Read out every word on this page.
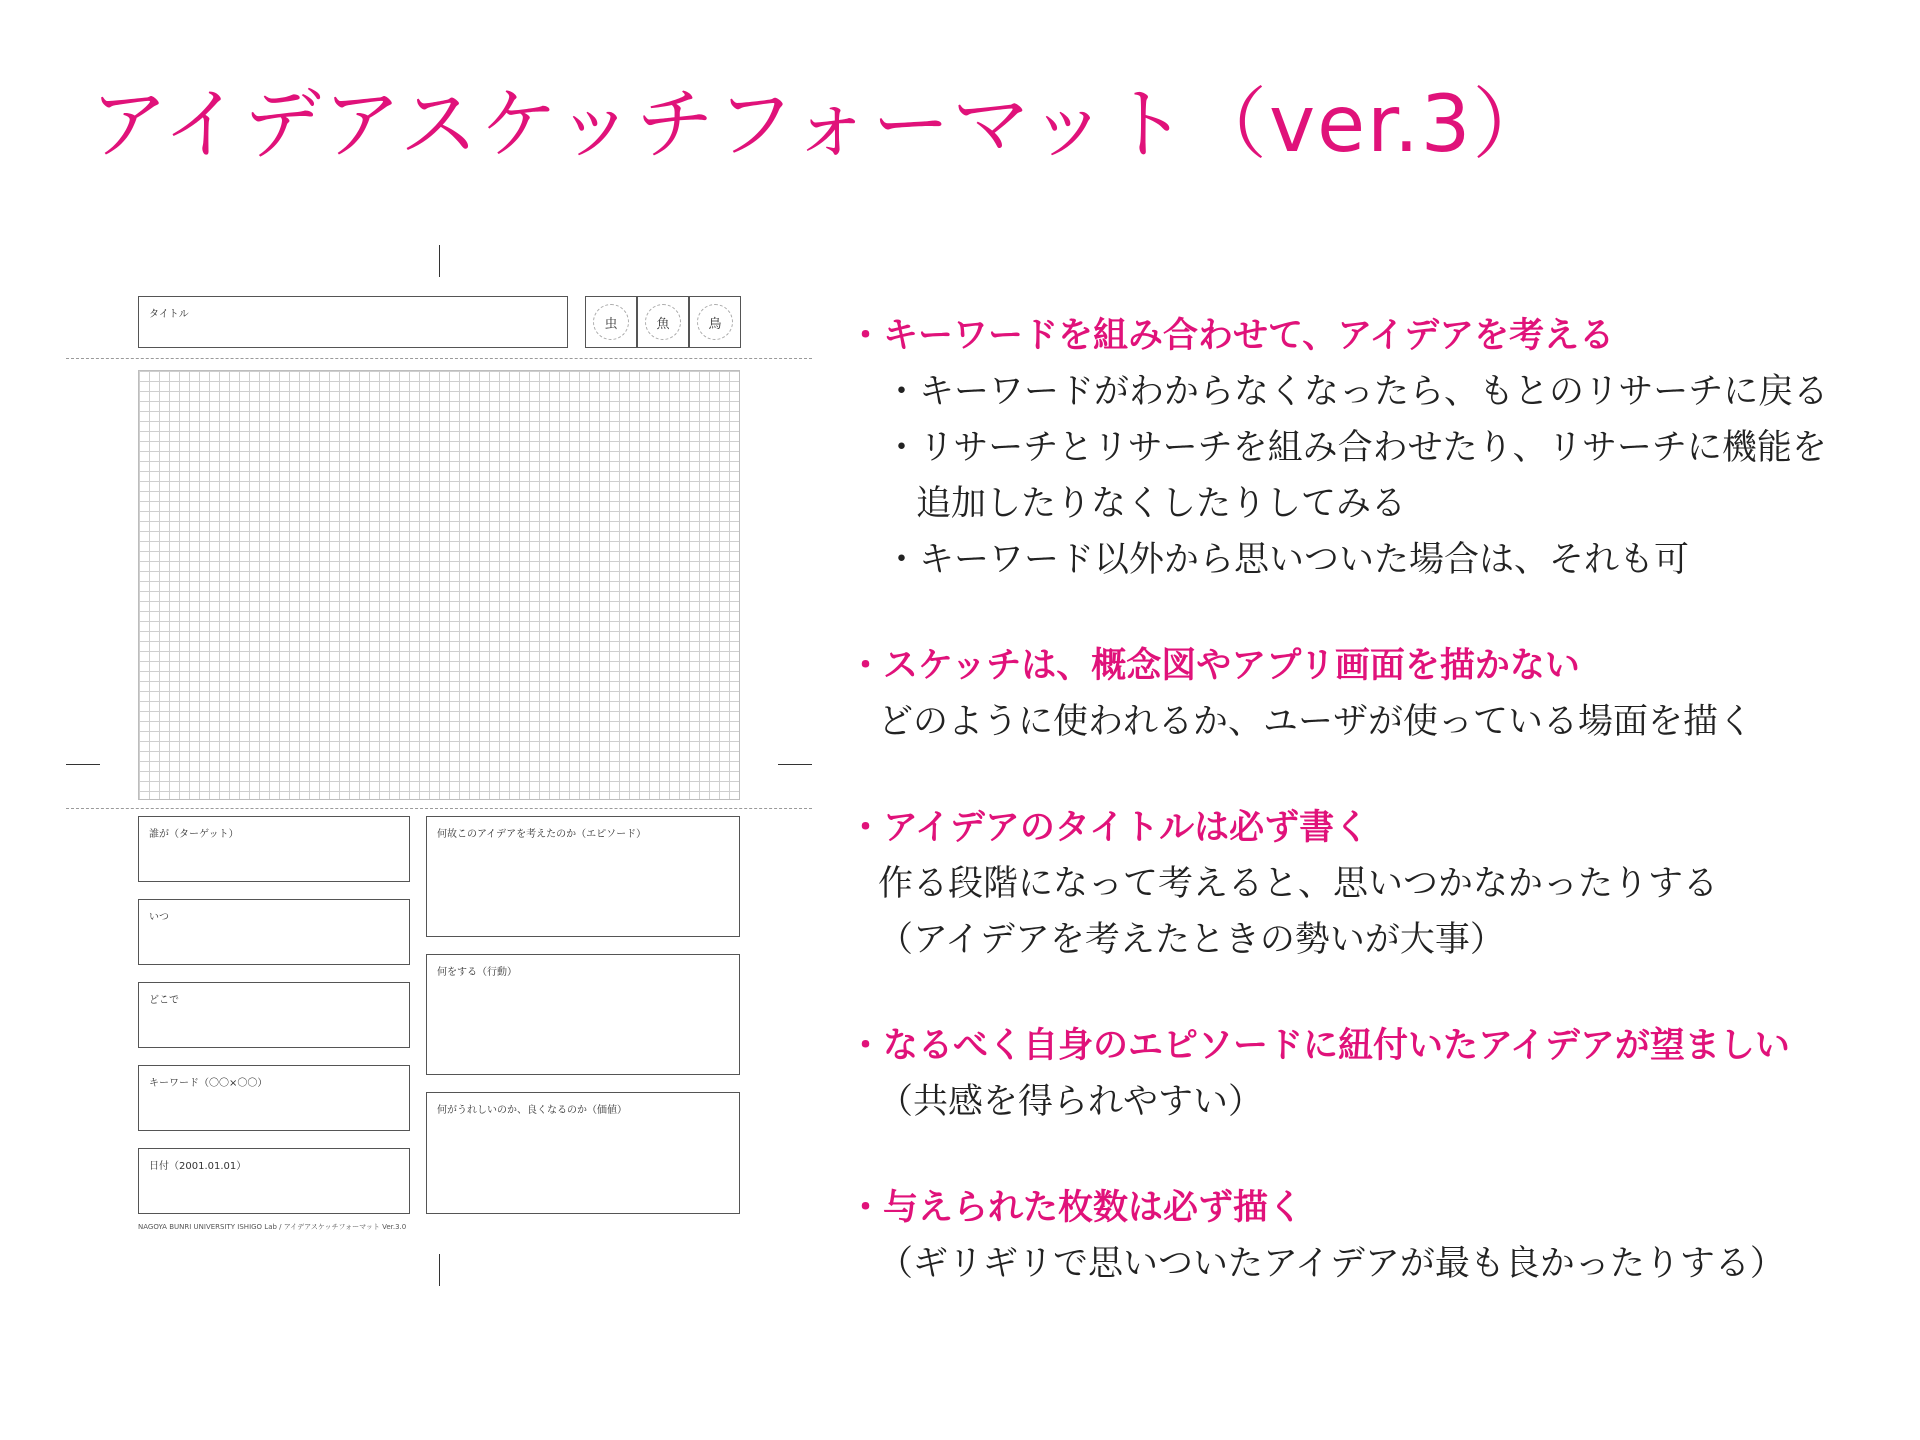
アイデアスケッチフォーマット（ver.3）
タイトル
虫	魚	鳥
誰が（ターゲット）
いつ
どこで
キーワード（〇〇×〇〇）
日付（2001.01.01）
何故このアイデアを考えたのか（エピソード）
何をする（行動）
何がうれしいのか、良くなるのか（価値）
NAGOYA BUNRI UNIVERSITY ISHIGO Lab / アイデアスケッチフォーマット Ver.3.0

・キーワードを組み合わせて、アイデアを考える

・キーワードがわからなくなったら、もとのリサーチに戻る

・リサーチとリサーチを組み合わせたり、リサーチに機能を

追加したりなくしたりしてみる

・キーワード以外から思いついた場合は、それも可

・スケッチは、概念図やアプリ画面を描かない

どのように使われるか、ユーザが使っている場面を描く

・アイデアのタイトルは必ず書く

作る段階になって考えると、思いつかなかったりする

（アイデアを考えたときの勢いが大事）

・なるべく自身のエピソードに紐付いたアイデアが望ましい

（共感を得られやすい）

・与えられた枚数は必ず描く

（ギリギリで思いついたアイデアが最も良かったりする）
